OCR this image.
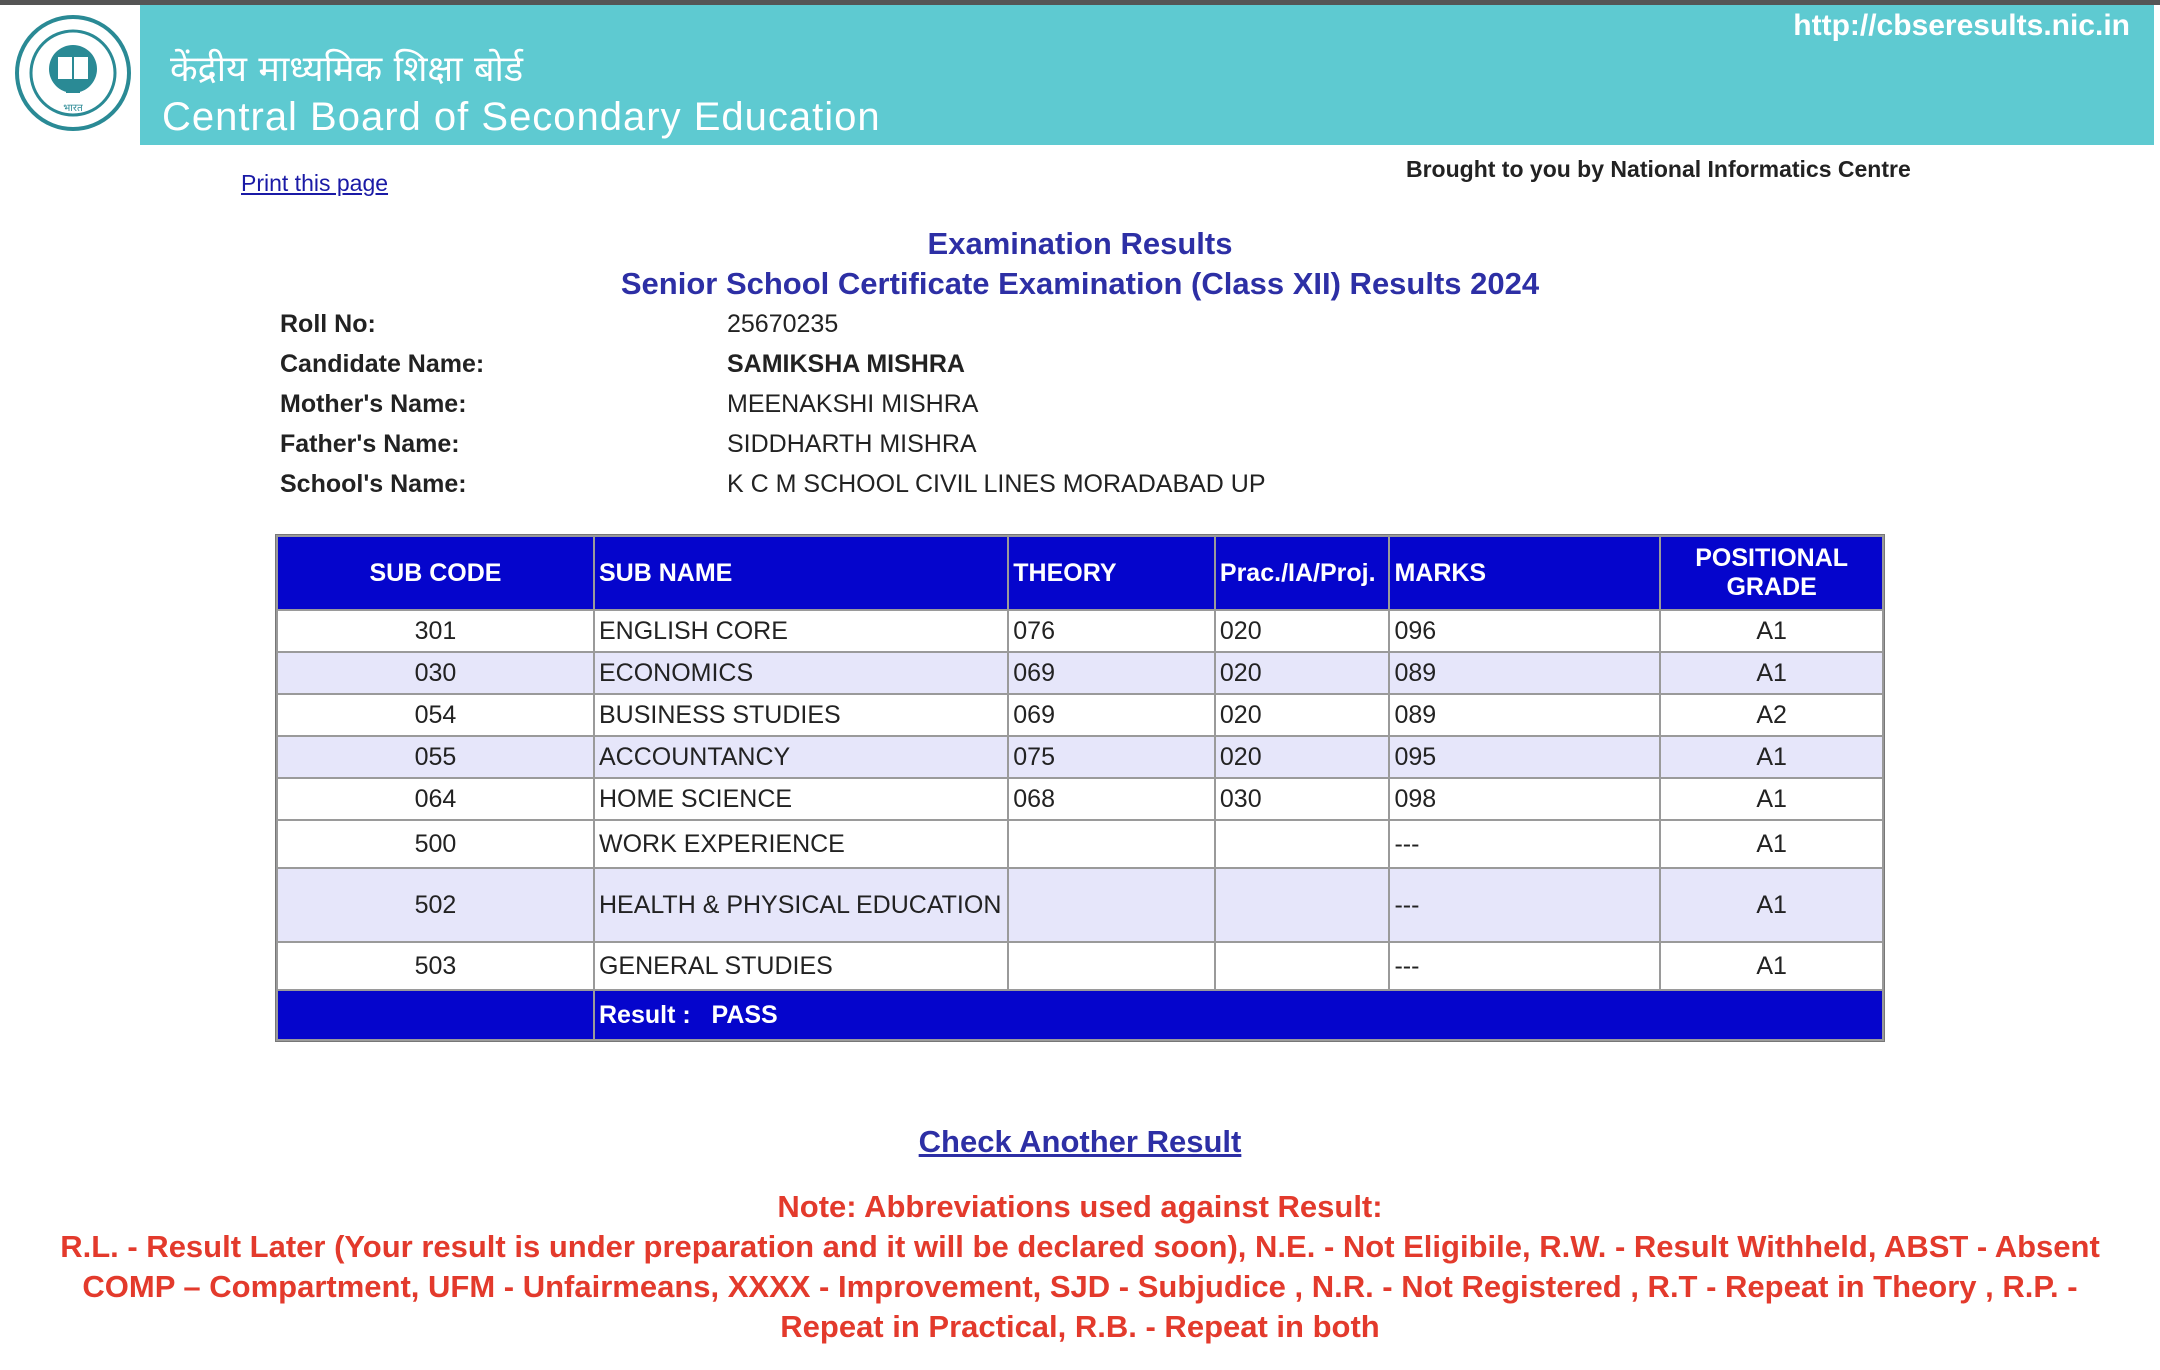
भारत
केंद्रीय माध्यमिक शिक्षा बोर्ड
Central Board of Secondary Education
http://cbseresults.nic.in
Print this page
Brought to you by National Informatics Centre
Examination Results
Senior School Certificate Examination (Class XII) Results 2024
Roll No:	25670235
Candidate Name:	SAMIKSHA MISHRA
Mother's Name:	MEENAKSHI MISHRA
Father's Name:	SIDDHARTH MISHRA
School's Name:	K C M SCHOOL CIVIL LINES MORADABAD UP
SUB CODE	SUB NAME	THEORY	Prac./IA/Proj.	MARKS	POSITIONAL GRADE
301	ENGLISH CORE	076	020	096	A1
030	ECONOMICS	069	020	089	A1
054	BUSINESS STUDIES	069	020	089	A2
055	ACCOUNTANCY	075	020	095	A1
064	HOME SCIENCE	068	030	098	A1
500	WORK EXPERIENCE			---	A1
502	HEALTH & PHYSICAL EDUCATION			---	A1
503	GENERAL STUDIES			---	A1
	Result :   PASS				
Check Another Result
Note: Abbreviations used against Result:
R.L. - Result Later (Your result is under preparation and it will be declared soon), N.E. - Not Eligibile, R.W. - Result Withheld, ABST - Absent
COMP – Compartment, UFM - Unfairmeans, XXXX - Improvement, SJD - Subjudice , N.R. - Not Registered , R.T - Repeat in Theory , R.P. -
Repeat in Practical, R.B. - Repeat in both
